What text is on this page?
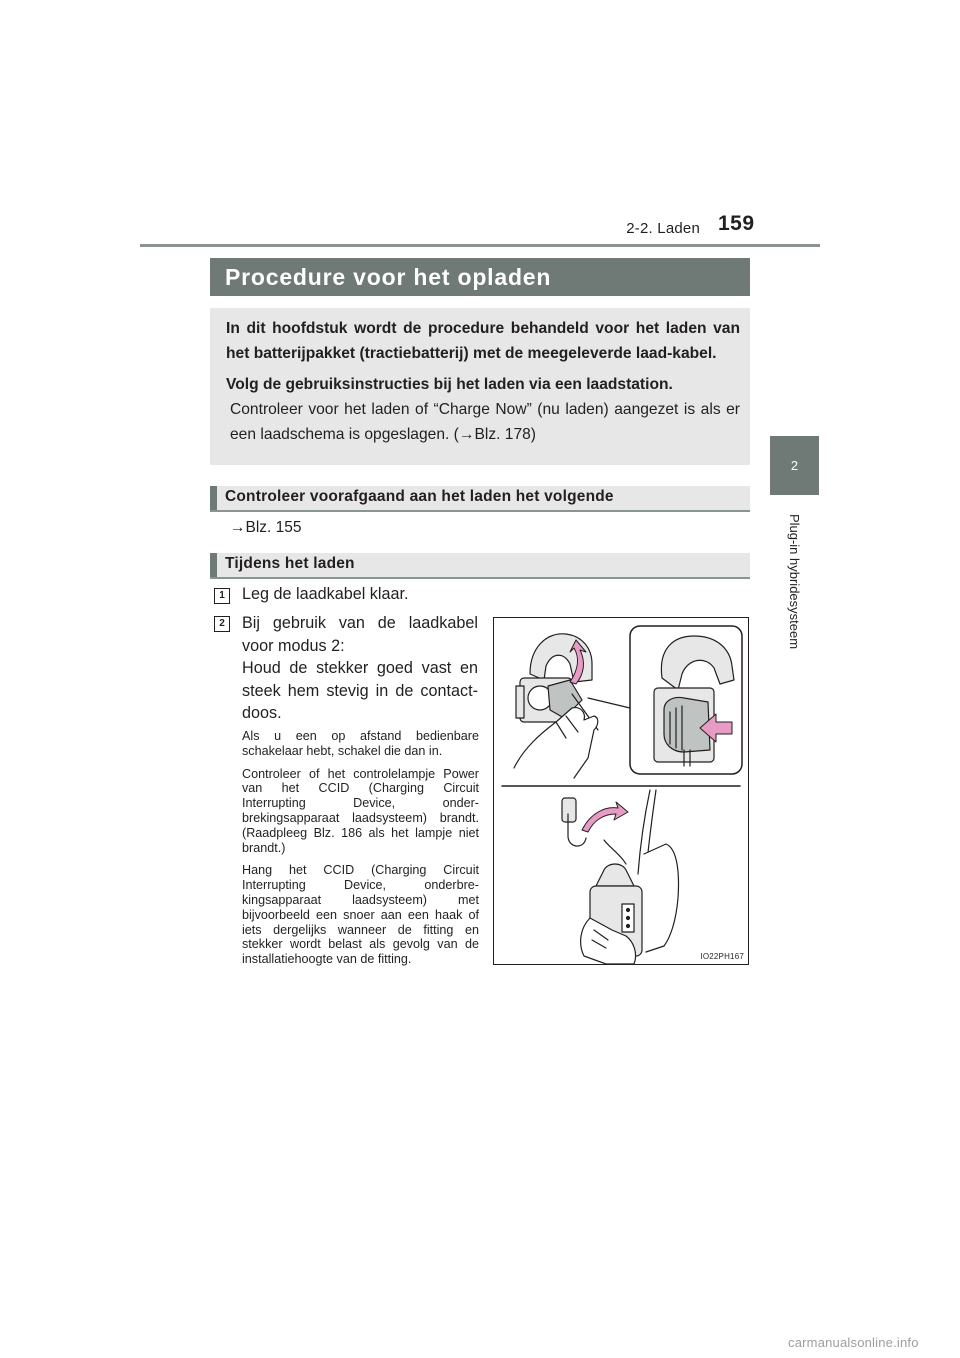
2-2. Laden 159
2
Plug-in hybridesysteem
Procedure voor het opladen

In dit hoofdstuk wordt de procedure behandeld voor het laden van het batterijpakket (tractiebatterij) met de meegeleverde laad-kabel.

Volg de gebruiksinstructies bij het laden via een laadstation.

Controleer voor het laden of “Charge Now” (nu laden) aangezet is als er een laadschema is opgeslagen. (→Blz. 178)

Controleer voorafgaand aan het laden het volgende
→Blz. 155
Tijdens het laden
1	Leg de laadkabel klaar.
2	Bij gebruik van de laadkabel voor modus 2:

Houd de stekker goed vast en steek hem stevig in de contact-doos.

Als u een op afstand bedienbare schakelaar hebt, schakel die dan in.

Controleer of het controlelampje Power van het CCID (Charging Circuit Interrupting Device, onder-brekingsapparaat laadsysteem) brandt. (Raadpleeg Blz. 186 als het lampje niet brandt.)

Hang het CCID (Charging Circuit Interrupting Device, onderbre-kingsapparaat laadsysteem) met bijvoorbeeld een snoer aan een haak of iets dergelijks wanneer de fitting en stekker wordt belast als gevolg van de installatiehoogte van de fitting.	IO22PH167
carmanualsonline.info
